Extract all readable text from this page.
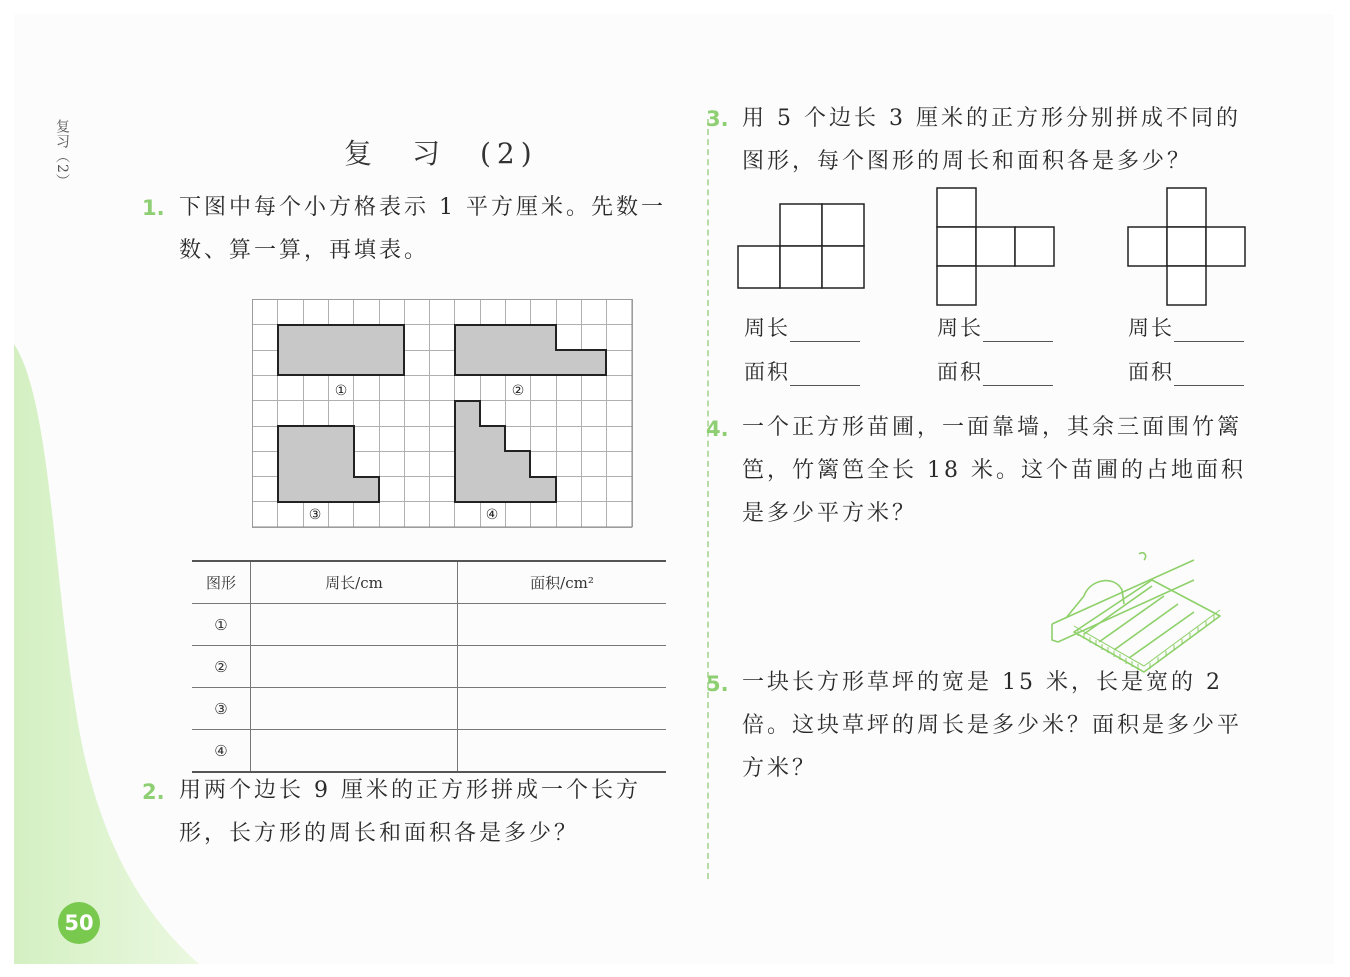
复习（2）	复　习　(2)
1. 下图中每个小方格表示 1 平方厘米。先数一数、算一算，再填表。
①	②
③	④
图形	周长/cm	面积/cm²
①		
②		
③		
④		
2. 用两个边长 9 厘米的正方形拼成一个长方形，长方形的周长和面积各是多少？
3. 用 5 个边长 3 厘米的正方形分别拼成不同的图形，每个图形的周长和面积各是多少？
周长
面积
周长
面积
周长
面积
4. 一个正方形苗圃，一面靠墙，其余三面围竹篱笆，竹篱笆全长 18 米。这个苗圃的占地面积是多少平方米？
5. 一块长方形草坪的宽是 15 米，长是宽的 2 倍。这块草坪的周长是多少米？面积是多少平方米？
50
